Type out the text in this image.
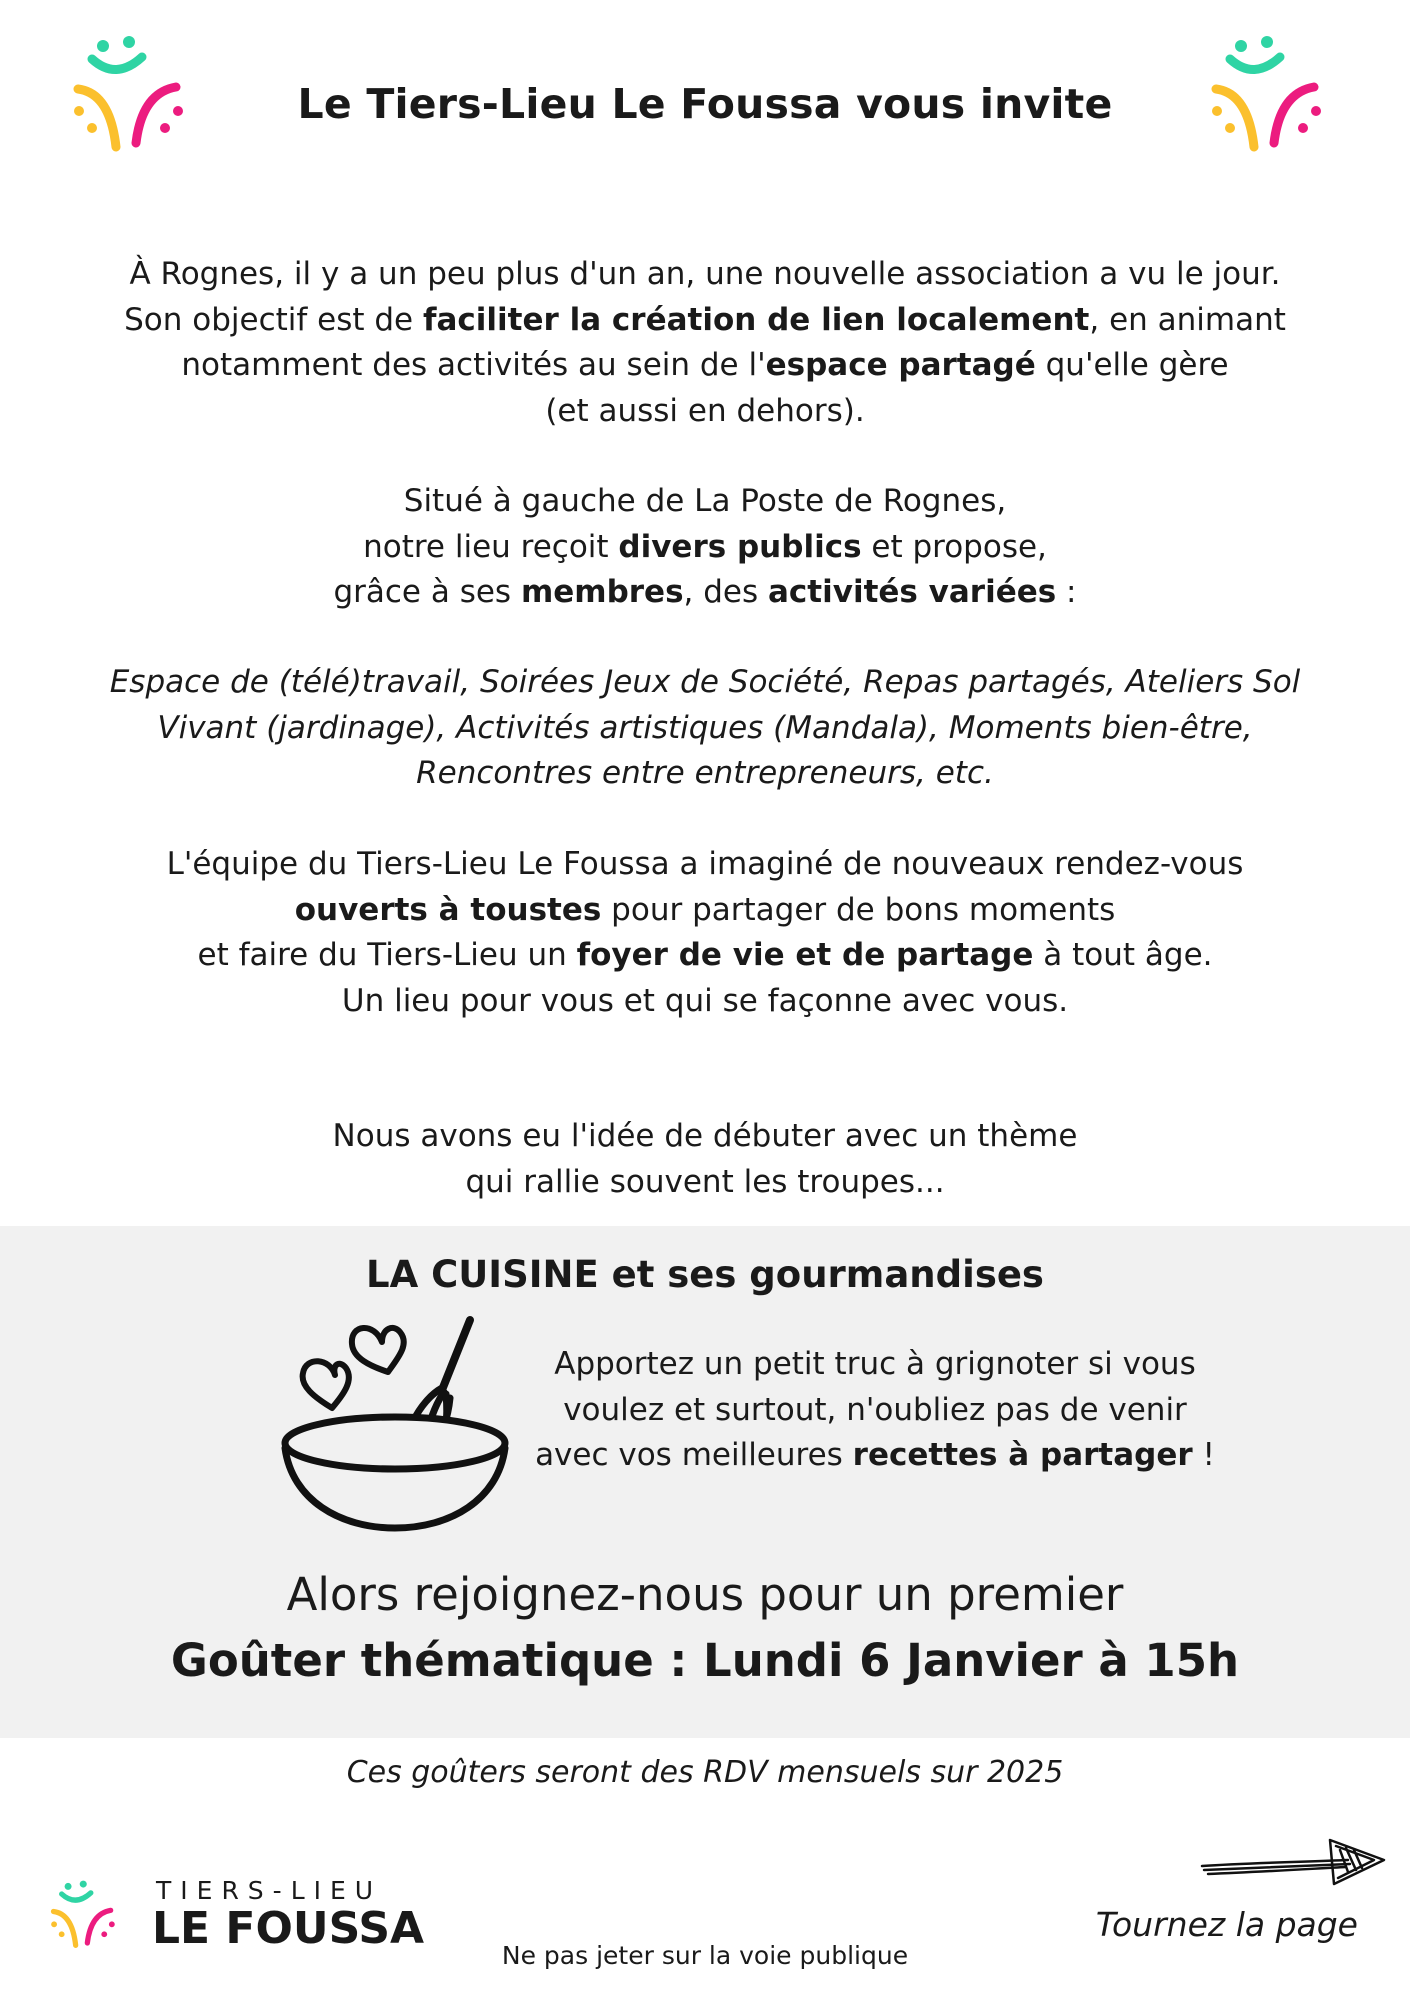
Le Tiers-Lieu Le Foussa vous invite
À Rognes, il y a un peu plus d'un an, une nouvelle association a vu le jour.
Son objectif est de faciliter la création de lien localement, en animant
notamment des activités au sein de l'espace partagé qu'elle gère
(et aussi en dehors).
Situé à gauche de La Poste de Rognes,
notre lieu reçoit divers publics et propose,
grâce à ses membres, des activités variées :
Espace de (télé)travail, Soirées Jeux de Société, Repas partagés, Ateliers Sol
Vivant (jardinage), Activités artistiques (Mandala), Moments bien-être,
Rencontres entre entrepreneurs, etc.
L'équipe du Tiers-Lieu Le Foussa a imaginé de nouveaux rendez-vous
ouverts à toustes pour partager de bons moments
et faire du Tiers-Lieu un foyer de vie et de partage à tout âge.
Un lieu pour vous et qui se façonne avec vous.
Nous avons eu l'idée de débuter avec un thème
qui rallie souvent les troupes...
LA CUISINE et ses gourmandises
Apportez un petit truc à grignoter si vous
voulez et surtout, n'oubliez pas de venir
avec vos meilleures recettes à partager !
Alors rejoignez-nous pour un premier
Goûter thématique : Lundi 6 Janvier à 15h
Ces goûters seront des RDV mensuels sur 2025
TIERS-LIEU
LE FOUSSA
Ne pas jeter sur la voie publique
Tournez la page
